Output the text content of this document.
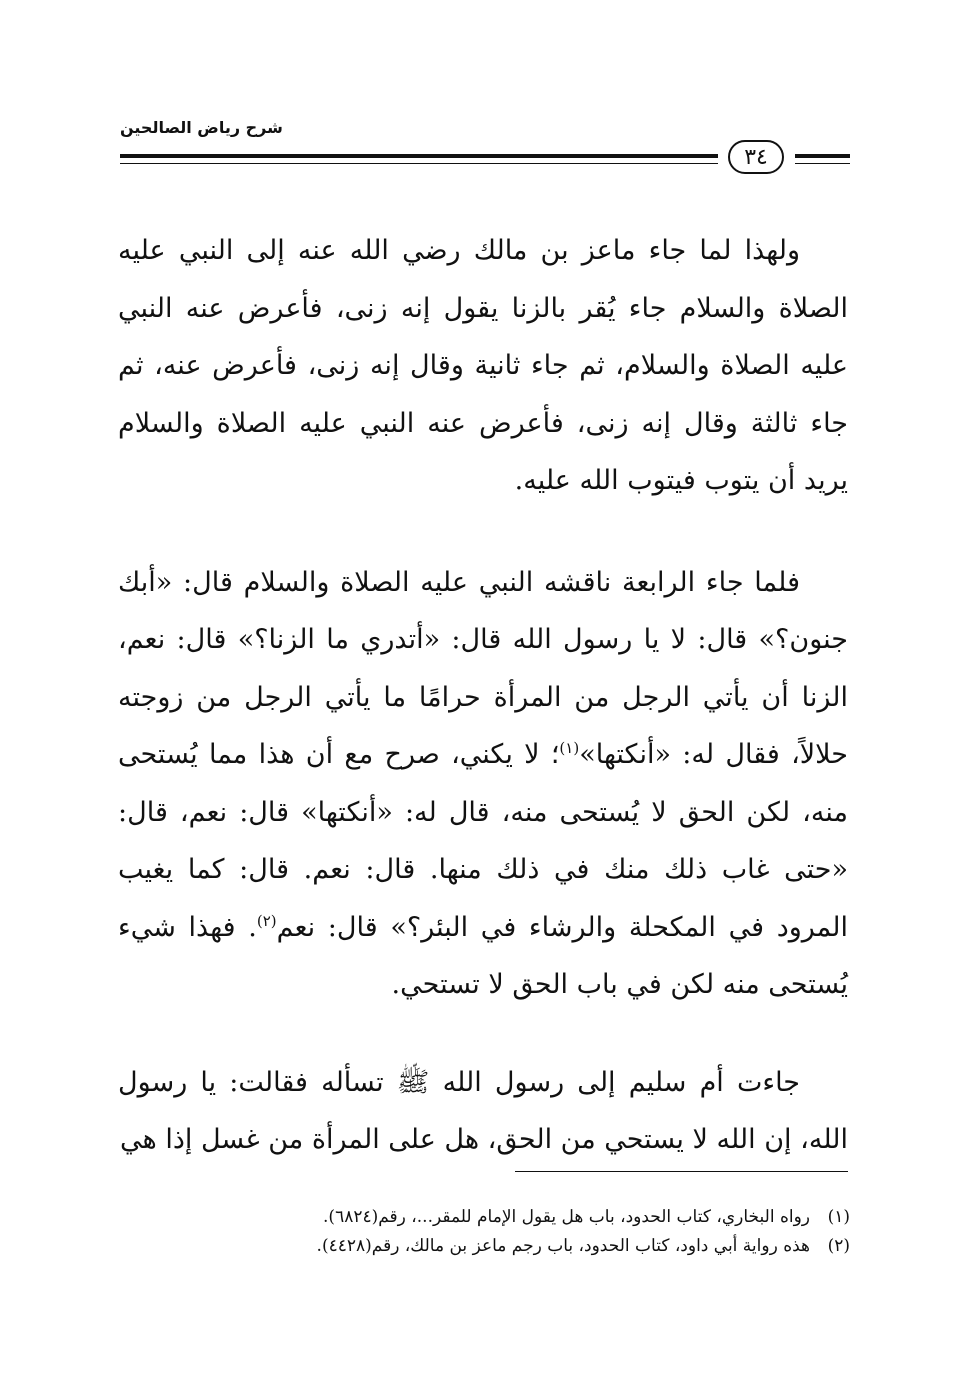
شرح رياض الصالحين
٣٤

ولهذا لما جاء ماعز بن مالك رضي الله عنه إلى النبي عليه الصلاة والسلام جاء يُقر بالزنا يقول إنه زنى، فأعرض عنه النبي عليه الصلاة والسلام، ثم جاء ثانية وقال إنه زنى، فأعرض عنه، ثم جاء ثالثة وقال إنه زنى، فأعرض عنه النبي عليه الصلاة والسلام يريد أن يتوب فيتوب الله عليه.

فلما جاء الرابعة ناقشه النبي عليه الصلاة والسلام قال: «أبك جنون؟» قال: لا يا رسول الله قال: «أتدري ما الزنا؟» قال: نعم، الزنا أن يأتي الرجل من المرأة حرامًا ما يأتي الرجل من زوجته حلالاً، فقال له: «أنكتها»$^{(١)}$؛ لا يكني، صرح مع أن هذا مما يُستحى منه، لكن الحق لا يُستحى منه، قال له: «أنكتها» قال: نعم، قال: «حتى غاب ذلك منك في ذلك منها. قال: نعم. قال: كما يغيب المرود في المكحلة والرشاء في البئر؟» قال: نعم$^{(٢)}$. فهذا شيء يُستحى منه لكن في باب الحق لا تستحي.

جاءت أم سليم إلى رسول الله ﷺ تسأله فقالت: يا رسول الله، إن الله لا يستحي من الحق، هل على المرأة من غسل إذا هي

(١)
رواه البخاري، كتاب الحدود، باب هل يقول الإمام للمقر...، رقم(٦٨٢٤).

(٢)
هذه رواية أبي داود، كتاب الحدود، باب رجم ماعز بن مالك، رقم(٤٤٢٨).
